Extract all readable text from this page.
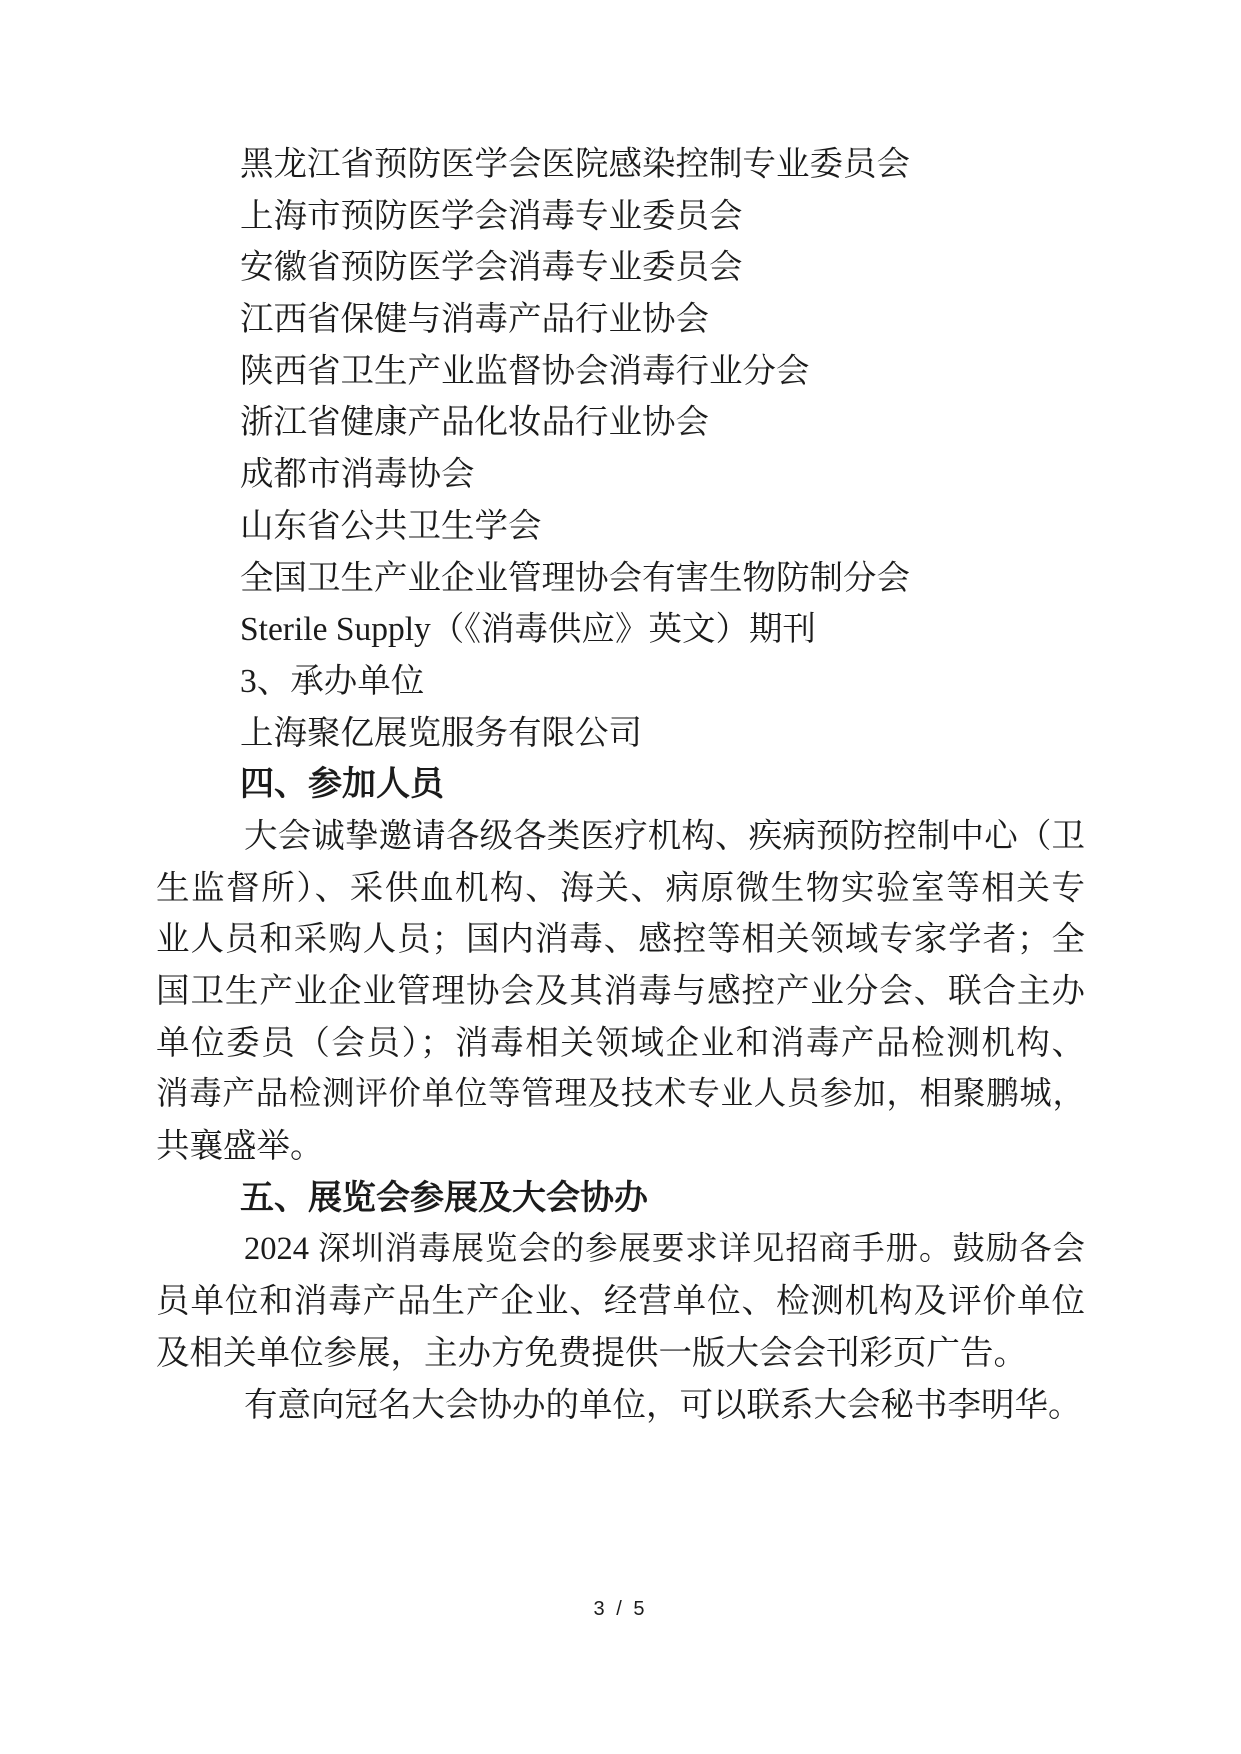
黑龙江省预防医学会医院感染控制专业委员会
上海市预防医学会消毒专业委员会
安徽省预防医学会消毒专业委员会
江西省保健与消毒产品行业协会
陕西省卫生产业监督协会消毒行业分会
浙江省健康产品化妆品行业协会
成都市消毒协会
山东省公共卫生学会
全国卫生产业企业管理协会有害生物防制分会
Sterile Supply（《消毒供应》英文）期刊
3、承办单位
上海聚亿展览服务有限公司
四、参加人员
大会诚挚邀请各级各类医疗机构、疾病预防控制中心（卫
生监督所）、采供血机构、海关、病原微生物实验室等相关专
业人员和采购人员；国内消毒、感控等相关领域专家学者；全
国卫生产业企业管理协会及其消毒与感控产业分会、联合主办
单位委员（会员）；消毒相关领域企业和消毒产品检测机构、
消毒产品检测评价单位等管理及技术专业人员参加，相聚鹏城，
共襄盛举。
五、展览会参展及大会协办
2024 深圳消毒展览会的参展要求详见招商手册。鼓励各会
员单位和消毒产品生产企业、经营单位、检测机构及评价单位
及相关单位参展，主办方免费提供一版大会会刊彩页广告。
有意向冠名大会协办的单位，可以联系大会秘书李明华。
3 / 5
